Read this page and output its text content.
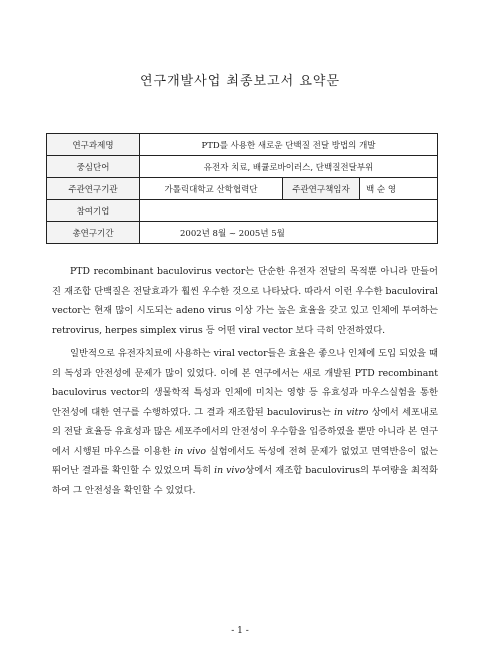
연구개발사업 최종보고서 요약문
연구과제명	PTD를 사용한 새로운 단백질 전달 방법의 개발		
중심단어	유전자 치료, 배큘로바이러스, 단백질전달부위		
주관연구기관	가톨릭대학교 산학협력단	주관연구책임자	백 순 영
참여기업			
총연구기간	2002년 8월 ~ 2005년 5월		

PTD recombinant baculovirus vector는 단순한 유전자 전달의 목적뿐 아니라 만들어진 재조합 단백질은 전달효과가 훨씬 우수한 것으로 나타났다. 따라서 이런 우수한 baculoviral vector는 현재 많이 시도되는 adeno virus 이상 가는 높은 효율을 갖고 있고 인체에 투여하는 retrovirus, herpes simplex virus 등 어떤 viral vector 보다 극히 안전하였다.

일반적으로 유전자치료에 사용하는 viral vector들은 효율은 좋으나 인체에 도입 되었을 때의 독성과 안전성에 문제가 많이 있었다. 이에 본 연구에서는 새로 개발된 PTD recombinant baculovirus vector의 생물학적 특성과 인체에 미치는 영향 등 유효성과 마우스실험을 통한 안전성에 대한 연구를 수행하였다. 그 결과 재조합된 baculovirus는 in vitro 상에서 세포내로의 전달 효율등 유효성과 많은 세포주에서의 안전성이 우수함을 입증하였을 뿐만 아니라 본 연구에서 시행된 마우스를 이용한 in vivo 실험에서도 독성에 전혀 문제가 없었고 면역반응이 없는 뛰어난 결과를 확인할 수 있었으며 특히 in vivo상에서 재조합 baculovirus의 투여량을 최적화하여 그 안전성을 확인할 수 있었다.

- 1 -
